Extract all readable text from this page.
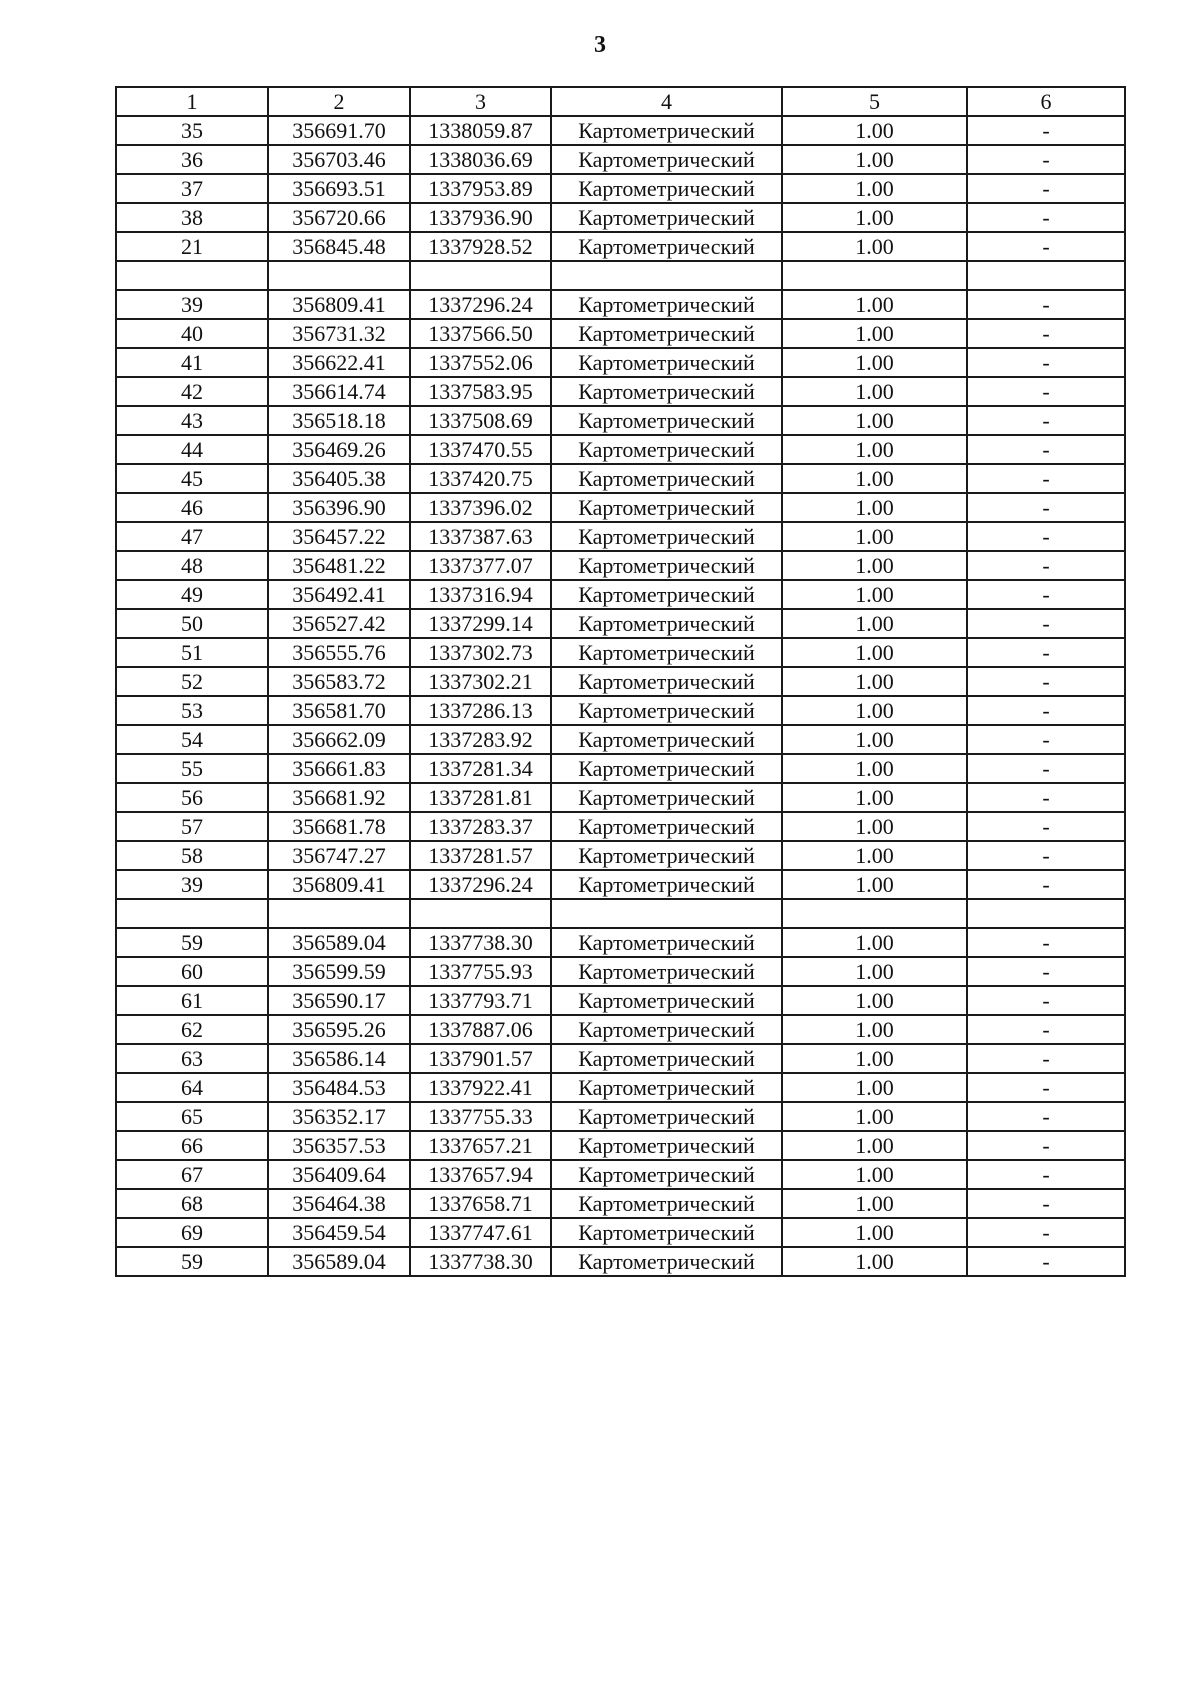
3
1	2	3	4	5	6
35	356691.70	1338059.87	Картометрический	1.00	-
36	356703.46	1338036.69	Картометрический	1.00	-
37	356693.51	1337953.89	Картометрический	1.00	-
38	356720.66	1337936.90	Картометрический	1.00	-
21	356845.48	1337928.52	Картометрический	1.00	-

39	356809.41	1337296.24	Картометрический	1.00	-
40	356731.32	1337566.50	Картометрический	1.00	-
41	356622.41	1337552.06	Картометрический	1.00	-
42	356614.74	1337583.95	Картометрический	1.00	-
43	356518.18	1337508.69	Картометрический	1.00	-
44	356469.26	1337470.55	Картометрический	1.00	-
45	356405.38	1337420.75	Картометрический	1.00	-
46	356396.90	1337396.02	Картометрический	1.00	-
47	356457.22	1337387.63	Картометрический	1.00	-
48	356481.22	1337377.07	Картометрический	1.00	-
49	356492.41	1337316.94	Картометрический	1.00	-
50	356527.42	1337299.14	Картометрический	1.00	-
51	356555.76	1337302.73	Картометрический	1.00	-
52	356583.72	1337302.21	Картометрический	1.00	-
53	356581.70	1337286.13	Картометрический	1.00	-
54	356662.09	1337283.92	Картометрический	1.00	-
55	356661.83	1337281.34	Картометрический	1.00	-
56	356681.92	1337281.81	Картометрический	1.00	-
57	356681.78	1337283.37	Картометрический	1.00	-
58	356747.27	1337281.57	Картометрический	1.00	-
39	356809.41	1337296.24	Картометрический	1.00	-

59	356589.04	1337738.30	Картометрический	1.00	-
60	356599.59	1337755.93	Картометрический	1.00	-
61	356590.17	1337793.71	Картометрический	1.00	-
62	356595.26	1337887.06	Картометрический	1.00	-
63	356586.14	1337901.57	Картометрический	1.00	-
64	356484.53	1337922.41	Картометрический	1.00	-
65	356352.17	1337755.33	Картометрический	1.00	-
66	356357.53	1337657.21	Картометрический	1.00	-
67	356409.64	1337657.94	Картометрический	1.00	-
68	356464.38	1337658.71	Картометрический	1.00	-
69	356459.54	1337747.61	Картометрический	1.00	-
59	356589.04	1337738.30	Картометрический	1.00	-
